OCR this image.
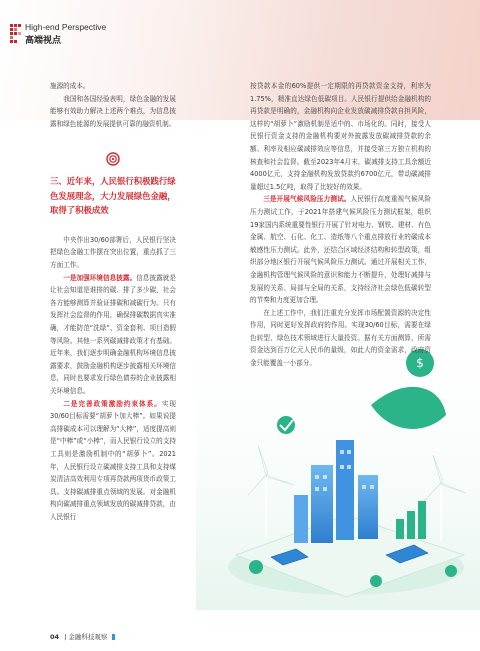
High-end Perspective
高端视点
$

施源的成本。

我国和各国经验表明，绿色金融的发展能够有效助力解决上述两个难点，为信息披露和绿色能源的发展提供可靠的融资机制。

三、近年来，人民银行积极践行绿色发展理念，大力发展绿色金融，取得了积极成效

中央作出30/60部署后，人民银行坚决把绿色金融工作摆在突出位置，重点抓了三方面工作。

一是加强环境信息披露。信息披露就是让社会知道是谁排的碳、排了多少碳，社会各方能够测算并验证排碳和减碳行为。只有发挥社会监督的作用，确保排碳数据真实准确，才能防范“洗绿”、资金套利、项目造假等风险。其他一系列碳减排政策才有基础。近年来，我们逐步明确金融机构环境信息披露要求，鼓励金融机构逐步披露相关环境信息，同时也要求发行绿色债券的企业披露相关环境信息。

二是完善政策激励约束体系。实现30/60目标需要“胡萝卜加大棒”。如果说提高排碳成本可以理解为“大棒”，适度提高则是“中棒”或“小棒”，而人民银行设立的支持工具则是激励机制中的“胡萝卜”。2021年，人民银行设立碳减排支持工具和支持煤炭清洁高效利用专项再贷款两项货币政策工具。支持碳减排重点领域的发展。对金融机构向碳减排重点领域发放的碳减排贷款，由人民银行

按贷款本金的60%提供一定期限的再贷款资金支持，利率为1.75%，精准直达绿色低碳项目。人民银行提供给金融机构的再贷款是明确的，金融机构向企业发放碳减排贷款自担风险，这样的“胡萝卜”激励机制是适中的、市场化的。同时，接受人民银行资金支持的金融机构要对外披露发放碳减排贷款的余额、利率及相应碳减排效应等信息，并接受第三方独立机构的核查和社会监督。截至2023年4月末，碳减排支持工具余额近4000亿元，支持金融机构发放贷款约6700亿元，带动碳减排量超过1.5亿吨，取得了比较好的效果。

三是开展气候风险压力测试。人民银行高度重视气候风险压力测试工作，于2021年搭建气候风险压力测试框架，组织19家国内系统重要性银行开展了针对电力、钢铁、建材、有色金属、航空、石化、化工、造纸等八个重点排放行业的碳成本敏感性压力测试。此外，还结合区域经济结构和转型政策，组织部分地区银行开展气候风险压力测试。通过开展相关工作，金融机构管理气候风险的意识和能力不断提升，处理好减排与发展的关系、局部与全局的关系，支持经济社会绿色低碳转型的节奏和力度更加合理。

在上述工作中，我们注重充分发挥市场配置资源的决定性作用，同时更好发挥政府的作用。实现30/60目标，需要在绿色转型、绿色技术领域进行大量投资。据有关方面测算，所需资金达到百万亿元人民币的量级，如此大的资金需求，政府资金只能覆盖一小部分。

04 | 金融科技观察
